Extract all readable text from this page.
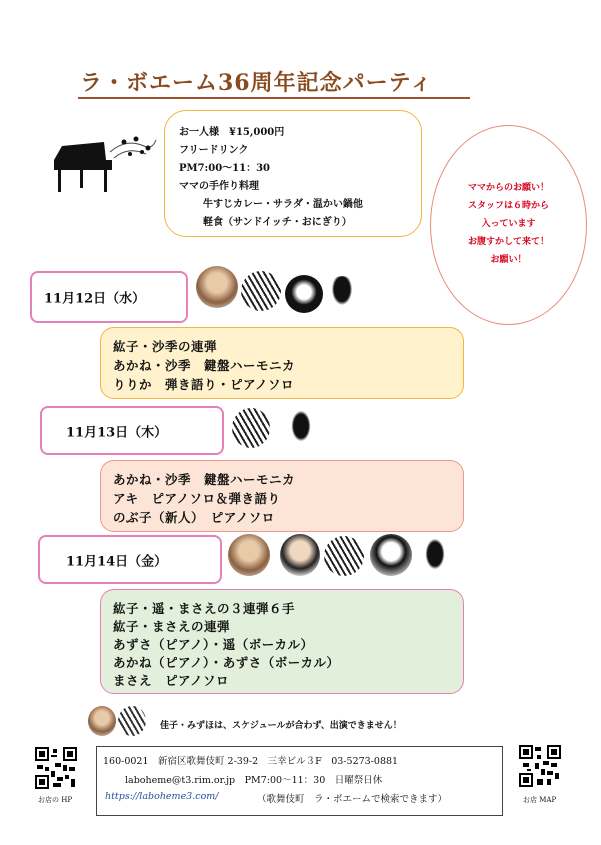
ラ・ボエーム36周年記念パーティ

お一人様　¥15,000円

フリードリンク

PM7:00～11：30

ママの手作り料理

牛すじカレー・サラダ・温かい鍋他

軽食（サンドイッチ・おにぎり）

ママからのお願い！

スタッフは６時から

入っています

お腹すかして来て！

お願い！

11月12日（水）

紘子・沙季の連弾

あかね・沙季　鍵盤ハーモニカ

りりか　弾き語り・ピアノソロ

11月13日（木）

あかね・沙季　鍵盤ハーモニカ

アキ　ピアノソロ＆弾き語り

のぶ子（新人）　ピアノソロ

11月14日（金）

紘子・遥・まさえの３連弾６手

紘子・まさえの連弾

あずさ（ピアノ）・遥（ボーカル）

あかね（ピアノ）・あずさ（ボーカル）

まさえ　ピアノソロ

佳子・みずほは、スケジュールが合わず、出演できません！
お店の HP

160-0021　新宿区歌舞伎町 2-39-2　三幸ビル３F　03-5273-0881

laboheme@t3.rim.or.jp　PM7:00～11：30　日曜祭日休

https://laboheme3.com/	（歌舞伎町　ラ・ボエームで検索できます）	お店 MAP
